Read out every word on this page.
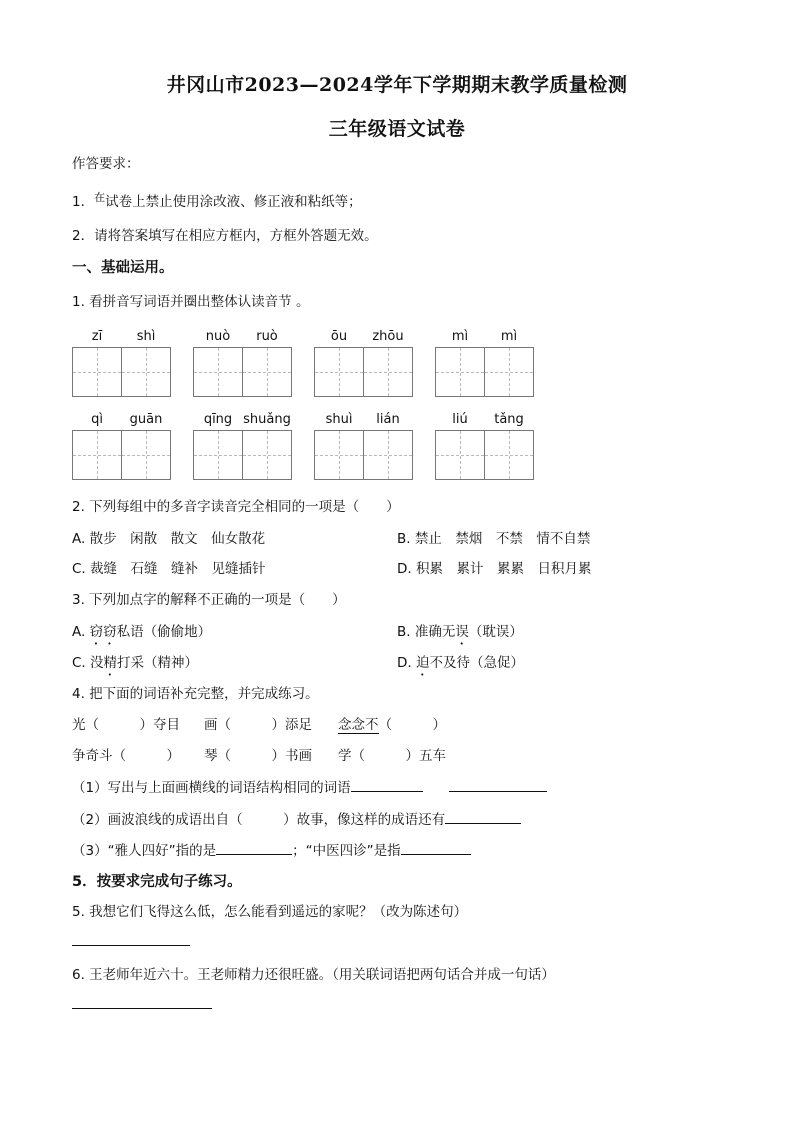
井冈山市2023—2024学年下学期期末教学质量检测
三年级语文试卷
作答要求：
1．$^在$试卷上禁止使用涂改液、修正液和粘纸等；
2．请将答案填写在相应方框内，方框外答题无效。
一、基础运用。
1. 看拼音写词语并圈出整体认读音节 。
zī	shì	nuò	ruò	ōu	zhōu	mì	mì
qì	guān	qīng shuǎng	shuì	lián	liú	tǎng
2. 下列每组中的多音字读音完全相同的一项是（　　）
A. 散步　闲散　散文　仙女散花	B. 禁止　禁烟　不禁　情不自禁
C. 裁缝　石缝　缝补　见缝插针	D. 积累　累计　累累　日积月累
3. 下列加点字的解释不正确的一项是（　　）
A. 窃窃私语（偷偷地）	B. 准确无误（耽误）
C. 没精打采（精神）	D. 迫不及待（急促）
4. 把下面的词语补充完整，并完成练习。
光（　　　）夺目 画（　　　）添足 念念不（　　　）
争奇斗（　　　） 琴（　　　）书画 学（　　　）五车
（1）写出与上面画横线的词语结构相同的词语
（2）画波浪线的成语出自（　　　）故事，像这样的成语还有
（3）“雅人四好”指的是	；“中医四诊”是指
5．按要求完成句子练习。
5. 我想它们飞得这么低，怎么能看到遥远的家呢？（改为陈述句）
6. 王老师年近六十。王老师精力还很旺盛。（用关联词语把两句话合并成一句话）
